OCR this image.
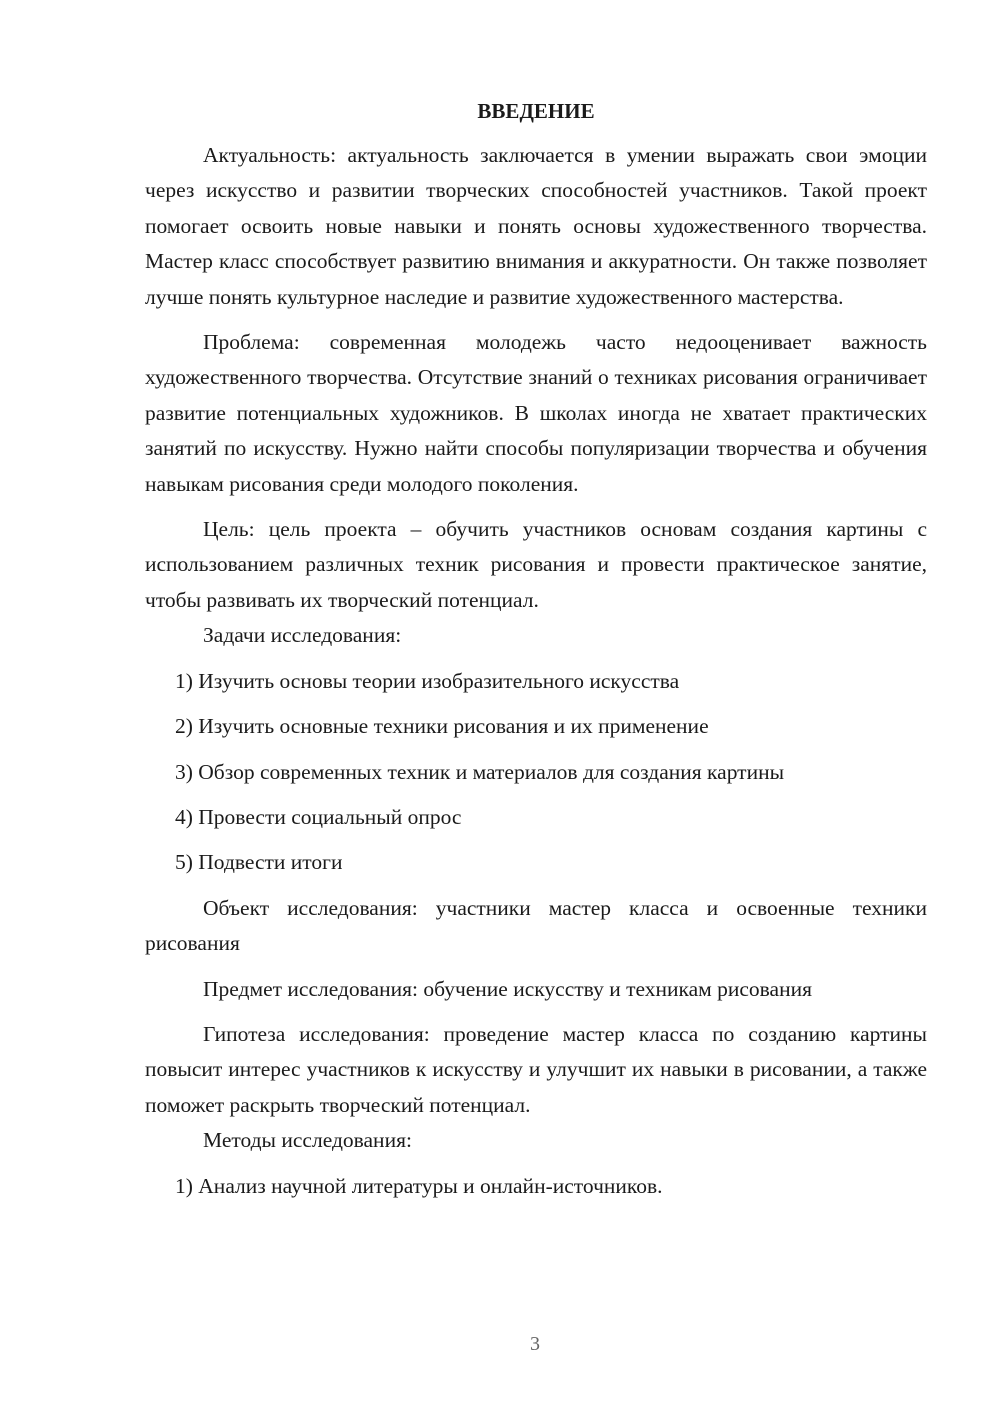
ВВЕДЕНИЕ

Актуальность: актуальность заключается в умении выражать свои эмоции через искусство и развитии творческих способностей участников. Такой проект помогает освоить новые навыки и понять основы художественного творчества. Мастер класс способствует развитию внимания и аккуратности. Он также позволяет лучше понять культурное наследие и развитие художественного мастерства.

Проблема: современная молодежь часто недооценивает важность художественного творчества. Отсутствие знаний о техниках рисования ограничивает развитие потенциальных художников. В школах иногда не хватает практических занятий по искусству. Нужно найти способы популяризации творчества и обучения навыкам рисования среди молодого поколения.

Цель: цель проекта – обучить участников основам создания картины с использованием различных техник рисования и провести практическое занятие, чтобы развивать их творческий потенциал.

Задачи исследования:

1) Изучить основы теории изобразительного искусства

2) Изучить основные техники рисования и их применение

3) Обзор современных техник и материалов для создания картины

4) Провести социальный опрос

5) Подвести итоги

Объект исследования: участники мастер класса и освоенные техники рисования

Предмет исследования: обучение искусству и техникам рисования

Гипотеза исследования: проведение мастер класса по созданию картины повысит интерес участников к искусству и улучшит их навыки в рисовании, а также поможет раскрыть творческий потенциал.

Методы исследования:

1) Анализ научной литературы и онлайн-источников.

3
